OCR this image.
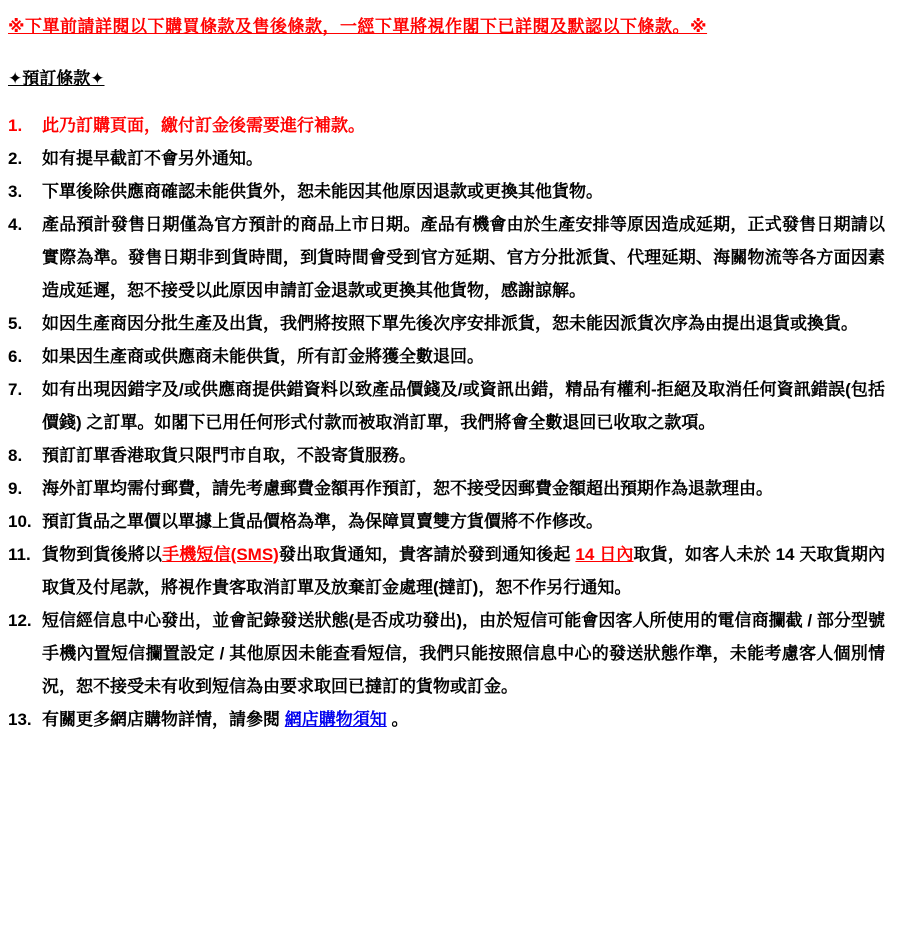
※下單前請詳閱以下購買條款及售後條款，一經下單將視作閣下已詳閱及默認以下條款。※
✦預訂條款✦
1.	此乃訂購頁面，繳付訂金後需要進行補款。
2.	如有提早截訂不會另外通知。
3.	下單後除供應商確認未能供貨外，恕未能因其他原因退款或更換其他貨物。
4.	產品預計發售日期僅為官方預計的商品上市日期。產品有機會由於生產安排等原因造成延期，正式發售日期請以實際為準。發售日期非到貨時間，到貨時間會受到官方延期、官方分批派貨、代理延期、海關物流等各方面因素造成延遲，恕不接受以此原因申請訂金退款或更換其他貨物，感謝諒解。
5.	如因生產商因分批生產及出貨，我們將按照下單先後次序安排派貨，恕未能因派貨次序為由提出退貨或換貨。
6.	如果因生產商或供應商未能供貨，所有訂金將獲全數退回。
7.	如有出現因錯字及/或供應商提供錯資料以致產品價錢及/或資訊出錯，精品有權利-拒絕及取消任何資訊錯誤(包括價錢) 之訂單。如閣下已用任何形式付款而被取消訂單，我們將會全數退回已收取之款項。
8.	預訂訂單香港取貨只限門市自取，不設寄貨服務。
9.	海外訂單均需付郵費，請先考慮郵費金額再作預訂，恕不接受因郵費金額超出預期作為退款理由。
10. 預訂貨品之單價以單據上貨品價格為準，為保障買賣雙方貨價將不作修改。
11. 貨物到貨後將以手機短信(SMS)發出取貨通知，貴客請於發到通知後起 14 日內取貨，如客人未於 14 天取貨期內取貨及付尾款，將視作貴客取消訂單及放棄訂金處理(撻訂)，恕不作另行通知。
12. 短信經信息中心發出，並會記錄發送狀態(是否成功發出)，由於短信可能會因客人所使用的電信商攔截 / 部分型號手機內置短信攔置設定 / 其他原因未能查看短信，我們只能按照信息中心的發送狀態作準，未能考慮客人個別情況，恕不接受未有收到短信為由要求取回已撻訂的貨物或訂金。
13. 有關更多網店購物詳情，請參閱 網店購物須知 。
